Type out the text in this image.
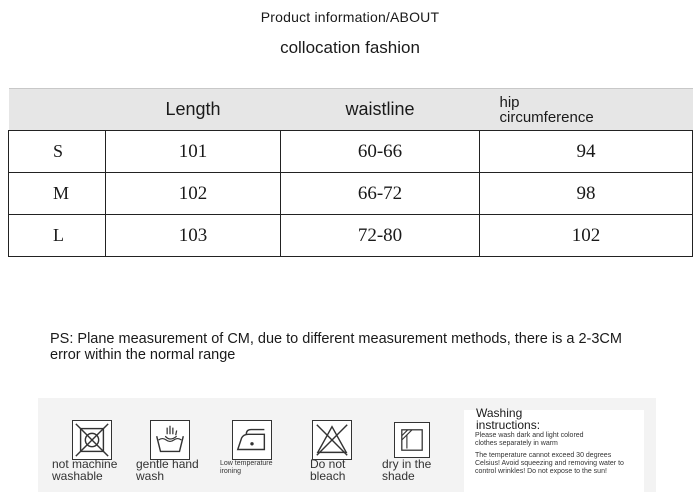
Product information/ABOUT
collocation fashion
	Length	waistline	hip
circumference

S	101	60-66	94
M	102	66-72	98
L	103	72-80	102
PS: Plane measurement of CM, due to different measurement methods, there is a 2-3CM error within the normal range
not machine
washable
gentle hand
wash
Low temperature
ironing
Do not
bleach
dry in the
shade
Washing
instructions:
Please wash dark and light colored
clothes separately in warm
The temperature cannot exceed 30 degrees
Celsius! Avoid squeezing and removing water to
control wrinkles! Do not expose to the sun!
